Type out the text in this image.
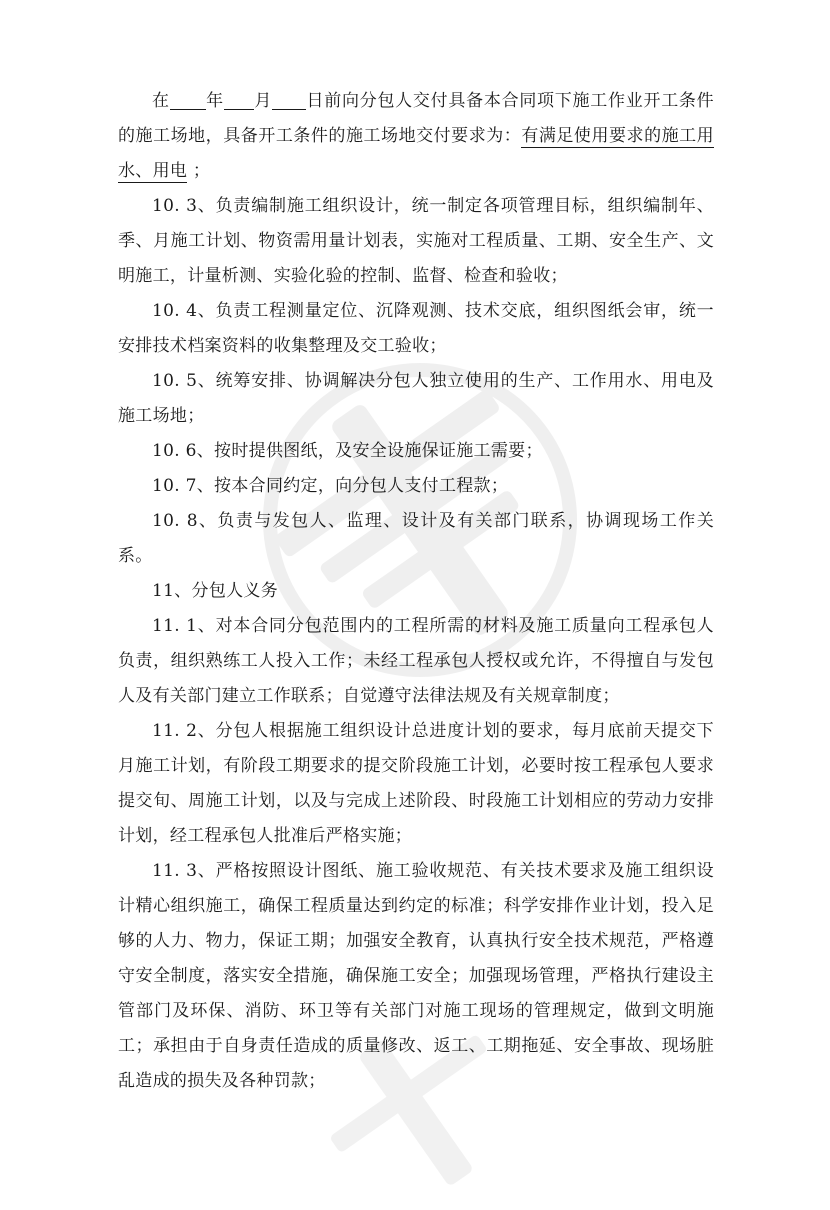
在 年 月 日前向分包人交付具备本合同项下施工作业开工条件的施工场地，具备开工条件的施工场地交付要求为：有满足使用要求的施工用水、用电 ；

10. 3、负责编制施工组织设计，统一制定各项管理目标，组织编制年、季、月施工计划、物资需用量计划表，实施对工程质量、工期、安全生产、文明施工，计量析测、实验化验的控制、监督、检查和验收；

10. 4、负责工程测量定位、沉降观测、技术交底，组织图纸会审，统一安排技术档案资料的收集整理及交工验收；

10. 5、统筹安排、协调解决分包人独立使用的生产、工作用水、用电及施工场地；

10. 6、按时提供图纸，及安全设施保证施工需要；

10. 7、按本合同约定，向分包人支付工程款；

10. 8、负责与发包人、监理、设计及有关部门联系，协调现场工作关系。

11、分包人义务

11. 1、对本合同分包范围内的工程所需的材料及施工质量向工程承包人负责，组织熟练工人投入工作；未经工程承包人授权或允许，不得擅自与发包人及有关部门建立工作联系；自觉遵守法律法规及有关规章制度；

11. 2、分包人根据施工组织设计总进度计划的要求，每月底前天提交下月施工计划，有阶段工期要求的提交阶段施工计划，必要时按工程承包人要求提交旬、周施工计划，以及与完成上述阶段、时段施工计划相应的劳动力安排计划，经工程承包人批准后严格实施；

11. 3、严格按照设计图纸、施工验收规范、有关技术要求及施工组织设计精心组织施工，确保工程质量达到约定的标准；科学安排作业计划，投入足够的人力、物力，保证工期；加强安全教育，认真执行安全技术规范，严格遵守安全制度，落实安全措施，确保施工安全；加强现场管理，严格执行建设主管部门及环保、消防、环卫等有关部门对施工现场的管理规定，做到文明施工；承担由于自身责任造成的质量修改、返工、工期拖延、安全事故、现场脏乱造成的损失及各种罚款；
